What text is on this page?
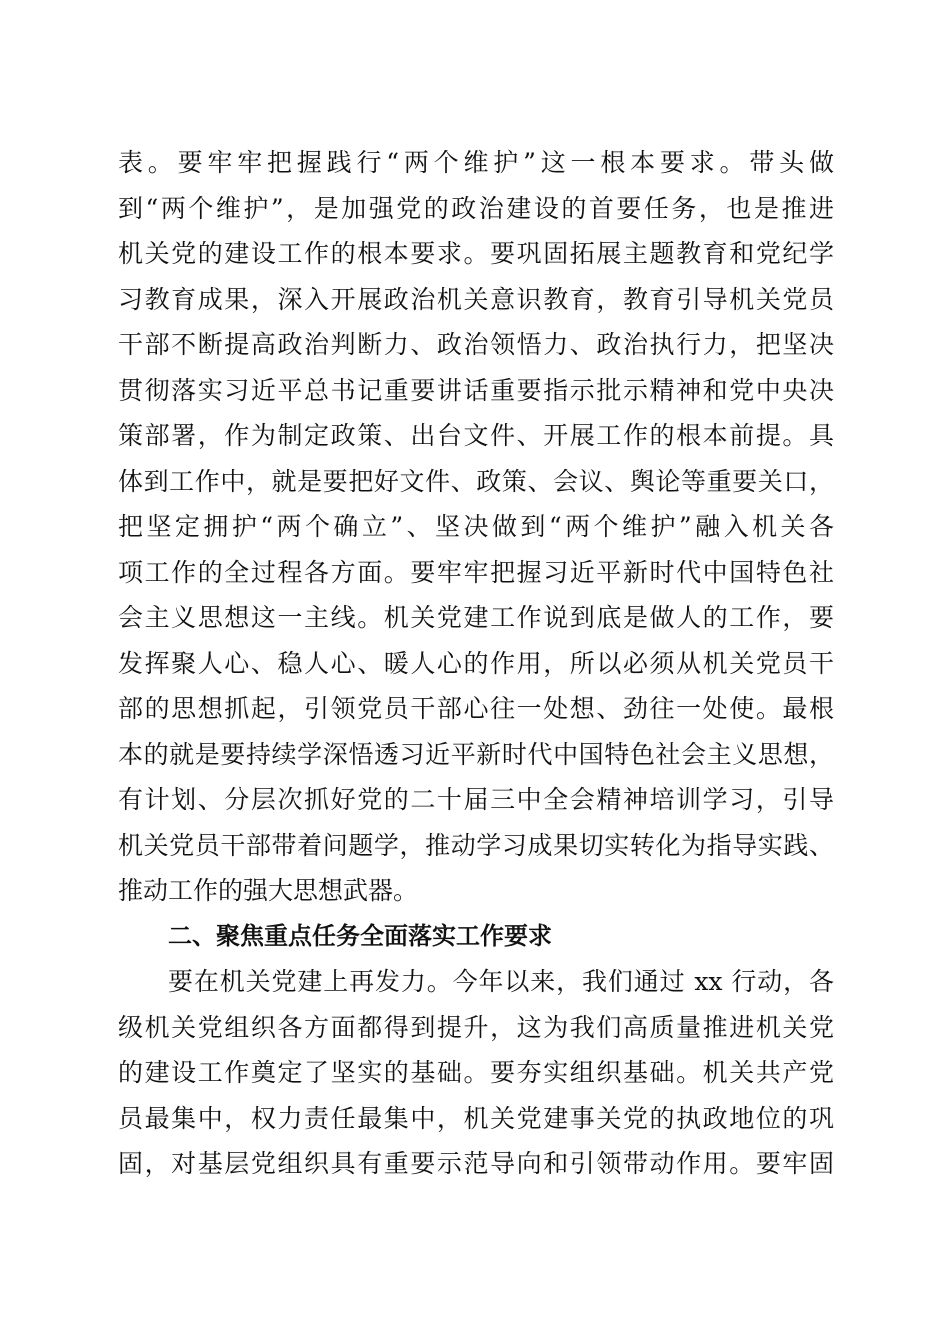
表。要牢牢把握践行“两个维护”这一根本要求。带头做
到“两个维护”，是加强党的政治建设的首要任务，也是推进
机关党的建设工作的根本要求。要巩固拓展主题教育和党纪学
习教育成果，深入开展政治机关意识教育，教育引导机关党员
干部不断提高政治判断力、政治领悟力、政治执行力，把坚决
贯彻落实习近平总书记重要讲话重要指示批示精神和党中央决
策部署，作为制定政策、出台文件、开展工作的根本前提。具
体到工作中，就是要把好文件、政策、会议、舆论等重要关口，
把坚定拥护“两个确立”、坚决做到“两个维护”融入机关各
项工作的全过程各方面。要牢牢把握习近平新时代中国特色社
会主义思想这一主线。机关党建工作说到底是做人的工作，要
发挥聚人心、稳人心、暖人心的作用，所以必须从机关党员干
部的思想抓起，引领党员干部心往一处想、劲往一处使。最根
本的就是要持续学深悟透习近平新时代中国特色社会主义思想，
有计划、分层次抓好党的二十届三中全会精神培训学习，引导
机关党员干部带着问题学，推动学习成果切实转化为指导实践、
推动工作的强大思想武器。
二、聚焦重点任务全面落实工作要求
要在机关党建上再发力。今年以来，我们通过 xx 行动，各
级机关党组织各方面都得到提升，这为我们高质量推进机关党
的建设工作奠定了坚实的基础。要夯实组织基础。机关共产党
员最集中，权力责任最集中，机关党建事关党的执政地位的巩
固，对基层党组织具有重要示范导向和引领带动作用。要牢固
